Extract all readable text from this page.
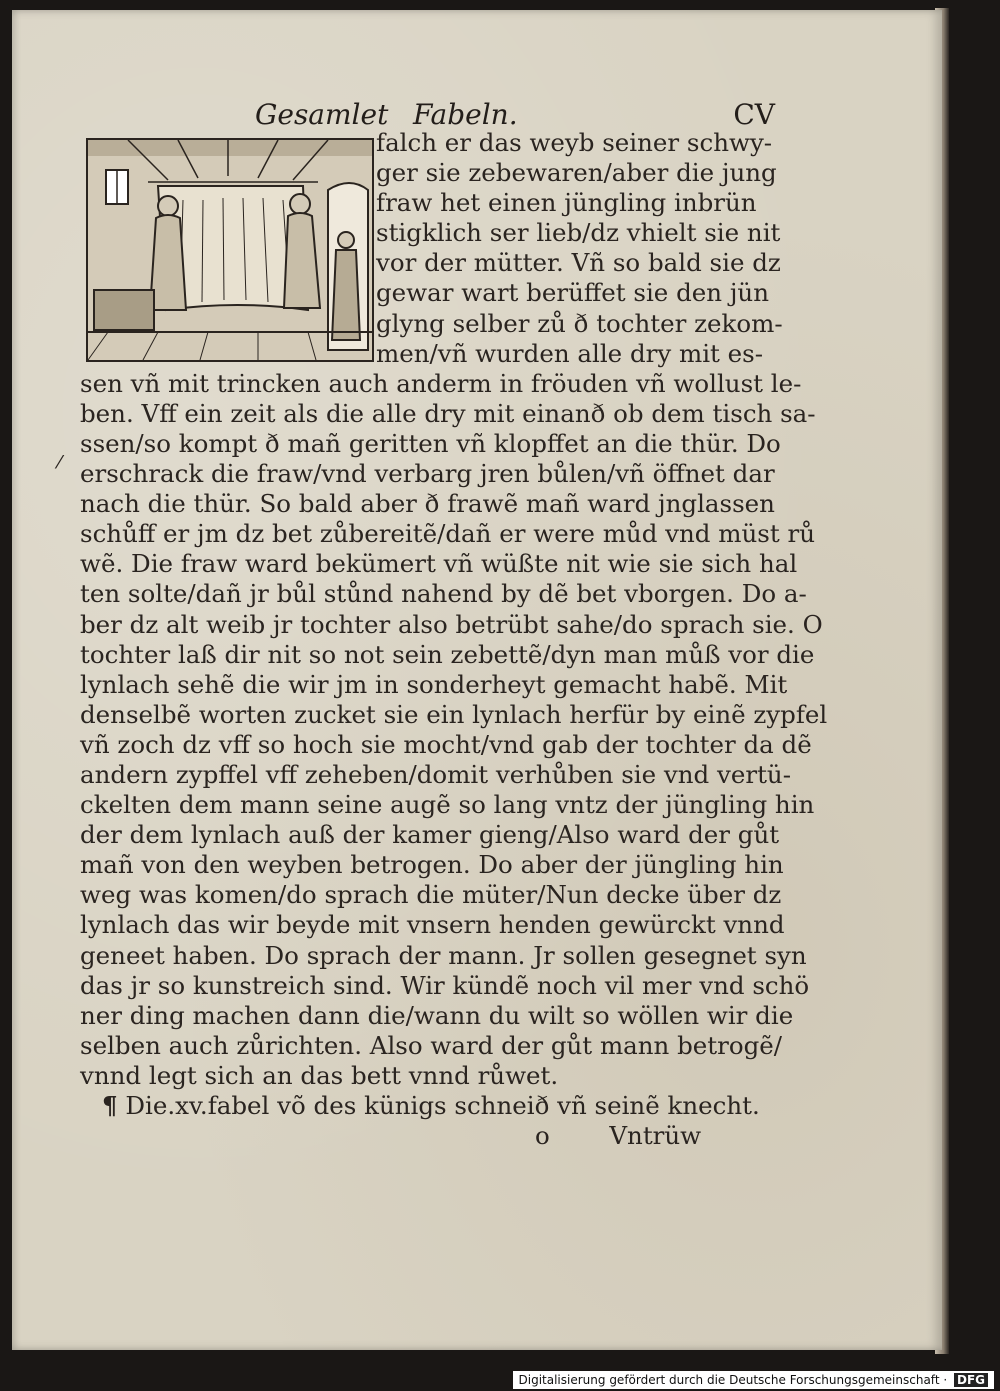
Gesamlet Fabeln.	CV
⁄
falch er das weyb seiner schwy-
ger sie zebewaren/aber die jung
fraw het einen jüngling inbrün
stigklich ser lieb/dz vhielt sie nit
vor der mütter. Vñ so bald sie dz
gewar wart berüffet sie den jün
glyng selber zů ð tochter zekom-
men/vñ wurden alle dry mit es-
sen vñ mit trincken auch anderm in fröuden vñ wollust le-
ben. Vff ein zeit als die alle dry mit einanð ob dem tisch sa-
ssen/so kompt ð mañ geritten vñ klopffet an die thür. Do
erschrack die fraw/vnd verbarg jren bůlen/vñ öffnet dar
nach die thür. So bald aber ð frawẽ mañ ward jnglassen
schůff er jm dz bet zůbereitẽ/dañ er were můd vnd müst rů
wẽ. Die fraw ward bekümert vñ wüßte nit wie sie sich hal
ten solte/dañ jr bůl stůnd nahend by dẽ bet vborgen. Do a-
ber dz alt weib jr tochter also betrübt sahe/do sprach sie. O
tochter laß dir nit so not sein zebettẽ/dyn man můß vor die
lynlach sehẽ die wir jm in sonderheyt gemacht habẽ. Mit
denselbẽ worten zucket sie ein lynlach herfür by einẽ zypfel
vñ zoch dz vff so hoch sie mocht/vnd gab der tochter da dẽ
andern zypffel vff zeheben/domit verhůben sie vnd vertü-
ckelten dem mann seine augẽ so lang vntz der jüngling hin
der dem lynlach auß der kamer gieng/Also ward der gůt
mañ von den weyben betrogen. Do aber der jüngling hin
weg was komen/do sprach die müter/Nun decke über dz
lynlach das wir beyde mit vnsern henden gewürckt vnnd
geneet haben. Do sprach der mann. Jr sollen gesegnet syn
das jr so kunstreich sind. Wir kündẽ noch vil mer vnd schö
ner ding machen dann die/wann du wilt so wöllen wir die
selben auch zůrichten. Also ward der gůt mann betrogẽ/
vnnd legt sich an das bett vnnd růwet.
¶ Die.xv.fabel võ des künigs schneið vñ seinẽ knecht.
o Vntrüw
Digitalisierung gefördert durch die Deutsche Forschungsgemeinschaft · DFG
